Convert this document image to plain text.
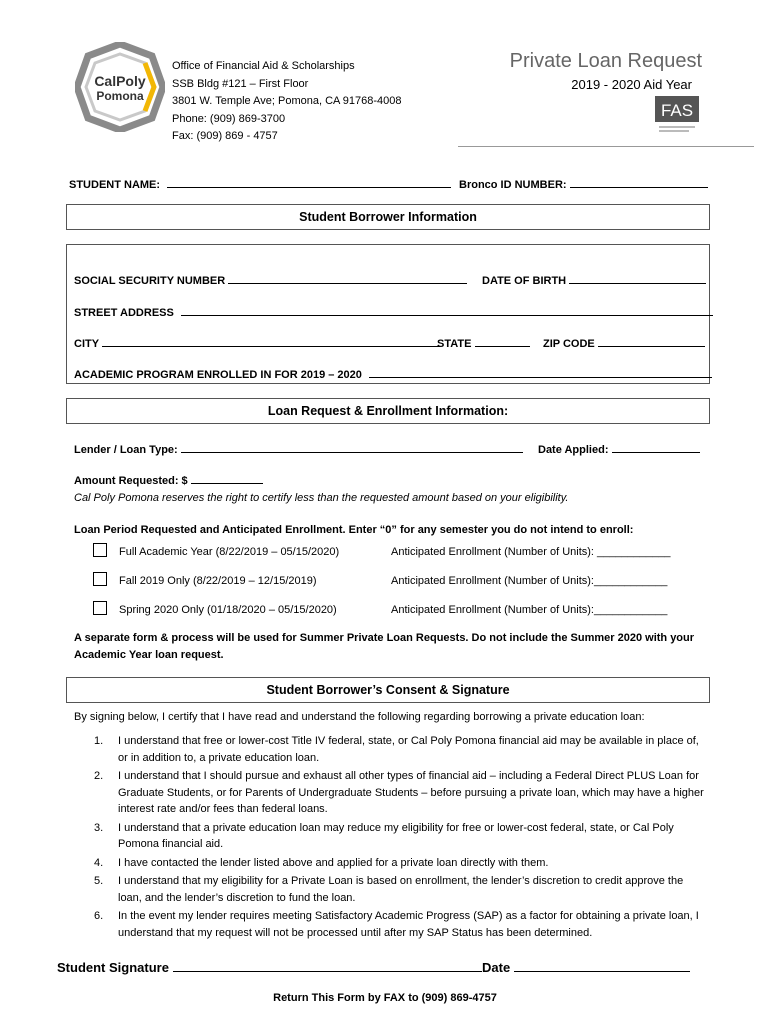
CalPoly
Pomona
Office of Financial Aid & Scholarships
SSB Bldg #121 – First Floor
3801 W. Temple Ave; Pomona, CA 91768-4008
Phone: (909) 869-3700
Fax: (909) 869 - 4757
Private Loan Request
2019 - 2020 Aid Year
FAS
STUDENT NAME:	Bronco ID NUMBER:
Student Borrower Information
SOCIAL SECURITY NUMBER	DATE OF BIRTH
STREET ADDRESS
CITY	STATE	ZIP CODE
ACADEMIC PROGRAM ENROLLED IN FOR 2019 – 2020
Loan Request & Enrollment Information:
Lender / Loan Type:	Date Applied:
Amount Requested: $
Cal Poly Pomona reserves the right to certify less than the requested amount based on your eligibility.
Loan Period Requested and Anticipated Enrollment. Enter “0” for any semester you do not intend to enroll:
Full Academic Year (8/22/2019 – 05/15/2020)	Anticipated Enrollment (Number of Units): ____________
Fall 2019 Only (8/22/2019 – 12/15/2019)	Anticipated Enrollment (Number of Units):____________
Spring 2020 Only (01/18/2020 – 05/15/2020)	Anticipated Enrollment (Number of Units):____________
A separate form & process will be used for Summer Private Loan Requests. Do not include the Summer 2020 with your
Academic Year loan request.
Student Borrower’s Consent & Signature
By signing below, I certify that I have read and understand the following regarding borrowing a private education loan:
1.	I understand that free or lower-cost Title IV federal, state, or Cal Poly Pomona financial aid may be available in place of, or in addition to, a private education loan.
2.	I understand that I should pursue and exhaust all other types of financial aid – including a Federal Direct PLUS Loan for Graduate Students, or for Parents of Undergraduate Students – before pursuing a private loan, which may have a higher interest rate and/or fees than federal loans.
3.	I understand that a private education loan may reduce my eligibility for free or lower-cost federal, state, or Cal Poly Pomona financial aid.
4.	I have contacted the lender listed above and applied for a private loan directly with them.
5.	I understand that my eligibility for a Private Loan is based on enrollment, the lender’s discretion to credit approve the loan, and the lender’s discretion to fund the loan.
6.	In the event my lender requires meeting Satisfactory Academic Progress (SAP) as a factor for obtaining a private loan, I understand that my request will not be processed until after my SAP Status has been determined.
Student Signature	Date
Return This Form by FAX to (909) 869-4757
